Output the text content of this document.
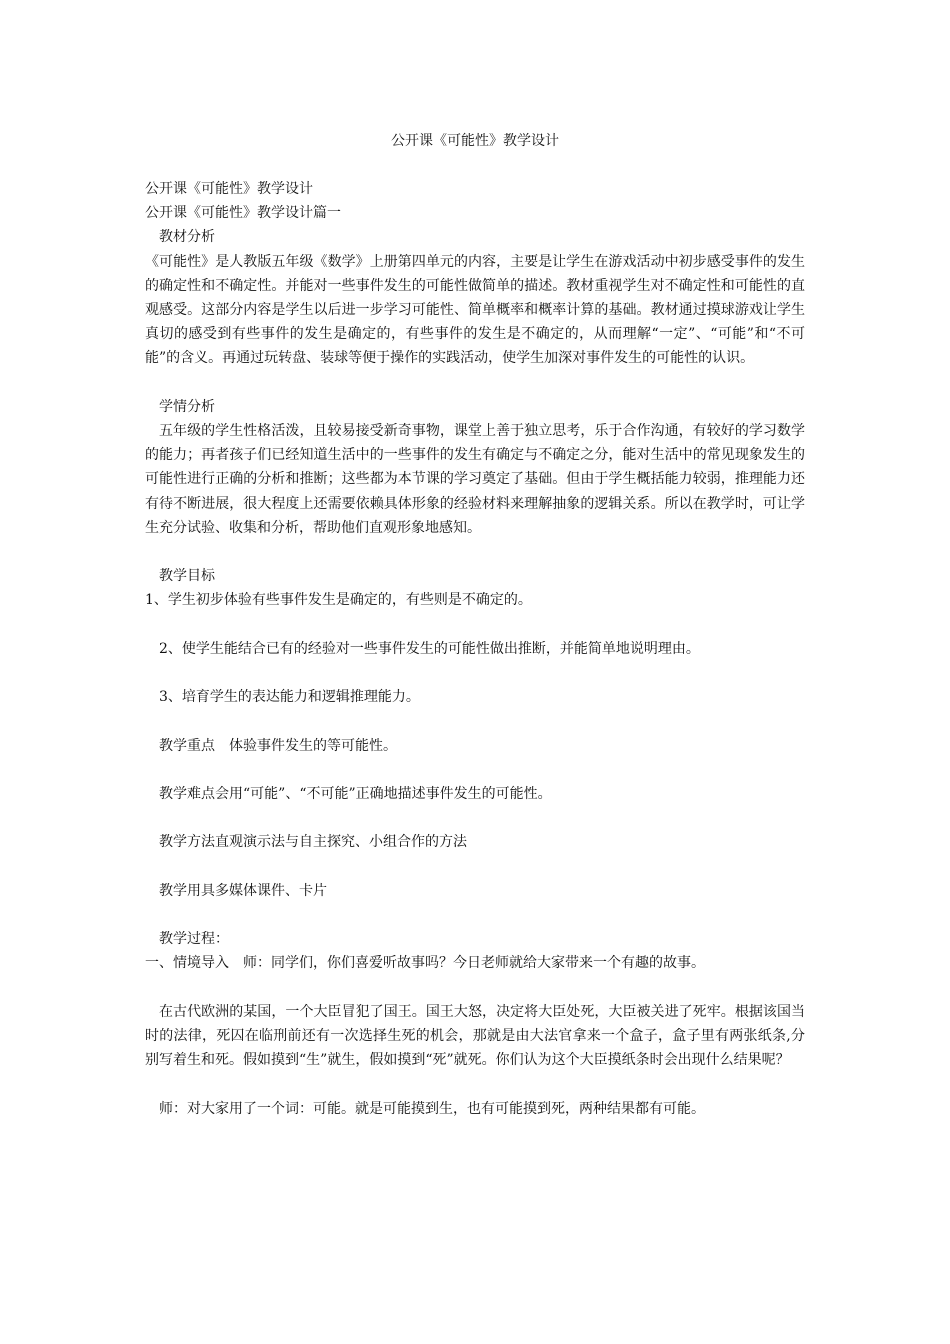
公开课《可能性》教学设计

公开课《可能性》教学设计

公开课《可能性》教学设计篇一

教材分析

《可能性》是人教版五年级《数学》上册第四单元的内容，主要是让学生在游戏活动中初步感受事件的发生的确定性和不确定性。并能对一些事件发生的可能性做简单的描述。教材重视学生对不确定性和可能性的直观感受。这部分内容是学生以后进一步学习可能性、简单概率和概率计算的基础。教材通过摸球游戏让学生真切的感受到有些事件的发生是确定的，有些事件的发生是不确定的，从而理解“一定”、“可能”和“不可能”的含义。再通过玩转盘、装球等便于操作的实践活动，使学生加深对事件发生的可能性的认识。

学情分析

五年级的学生性格活泼，且较易接受新奇事物，课堂上善于独立思考，乐于合作沟通，有较好的学习数学的能力；再者孩子们已经知道生活中的一些事件的发生有确定与不确定之分，能对生活中的常见现象发生的可能性进行正确的分析和推断；这些都为本节课的学习奠定了基础。但由于学生概括能力较弱，推理能力还有待不断进展，很大程度上还需要依赖具体形象的经验材料来理解抽象的逻辑关系。所以在教学时，可让学生充分试验、收集和分析，帮助他们直观形象地感知。

教学目标

1、学生初步体验有些事件发生是确定的，有些则是不确定的。

2、使学生能结合已有的经验对一些事件发生的可能性做出推断，并能简单地说明理由。

3、培育学生的表达能力和逻辑推理能力。

教学重点　体验事件发生的等可能性。

教学难点会用“可能”、“不可能”正确地描述事件发生的可能性。

教学方法直观演示法与自主探究、小组合作的方法

教学用具多媒体课件、卡片

教学过程：

一、情境导入　师：同学们，你们喜爱听故事吗？今日老师就给大家带来一个有趣的故事。

在古代欧洲的某国，一个大臣冒犯了国王。国王大怒，决定将大臣处死，大臣被关进了死牢。根据该国当时的法律，死囚在临刑前还有一次选择生死的机会，那就是由大法官拿来一个盒子，盒子里有两张纸条,分别写着生和死。假如摸到“生”就生，假如摸到“死”就死。你们认为这个大臣摸纸条时会出现什么结果呢？

师：对大家用了一个词：可能。就是可能摸到生，也有可能摸到死，两种结果都有可能。
